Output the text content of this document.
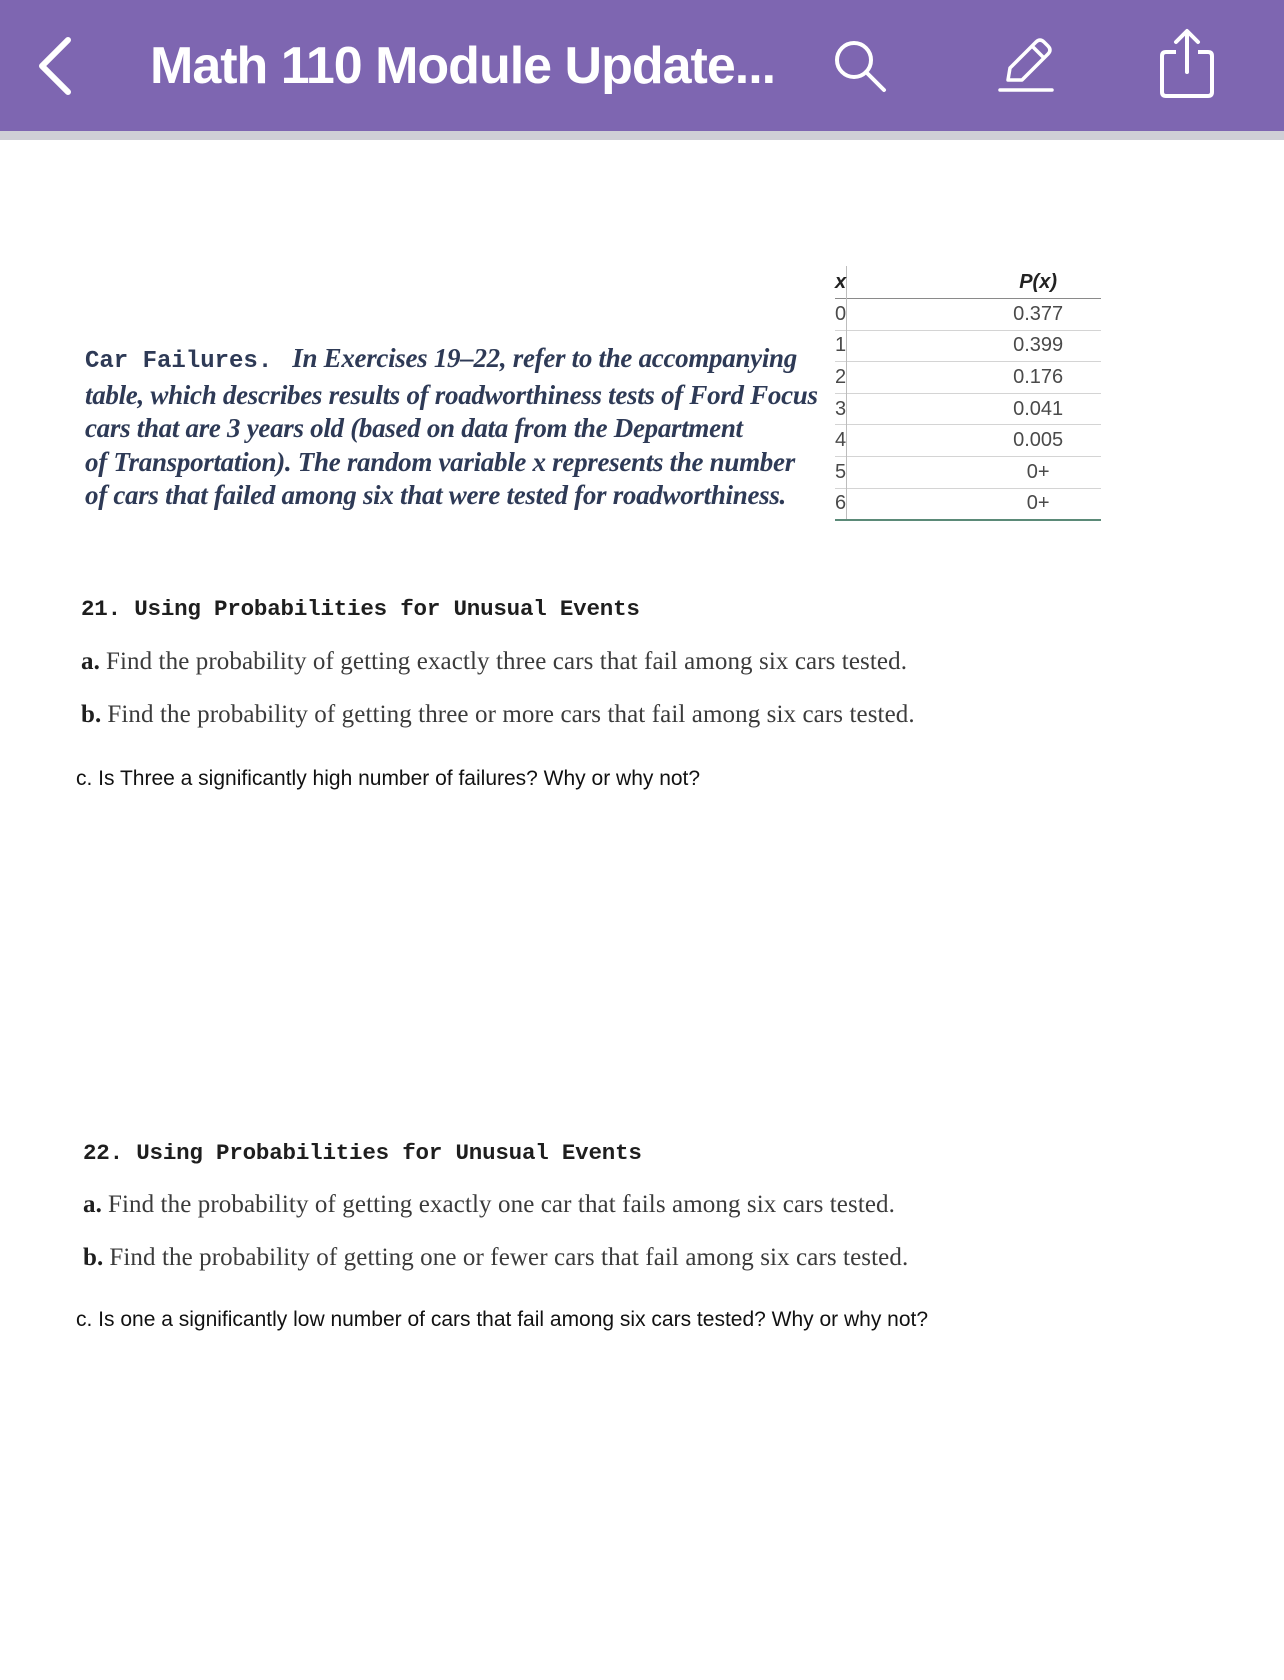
Math 110 Module Update...
Car Failures. In Exercises 19–22, refer to the accompanying
table, which describes results of roadworthiness tests of Ford Focus
cars that are 3 years old (based on data from the Department
of Transportation). The random variable x represents the number
of cars that failed among six that were tested for roadworthiness.
x	P(x)
0	0.377
1	0.399
2	0.176
3	0.041
4	0.005
5	0+
6	0+
21. Using Probabilities for Unusual Events
a. Find the probability of getting exactly three cars that fail among six cars tested.
b. Find the probability of getting three or more cars that fail among six cars tested.
c. Is Three a significantly high number of failures? Why or why not?
22. Using Probabilities for Unusual Events
a. Find the probability of getting exactly one car that fails among six cars tested.
b. Find the probability of getting one or fewer cars that fail among six cars tested.
c. Is one a significantly low number of cars that fail among six cars tested? Why or why not?
